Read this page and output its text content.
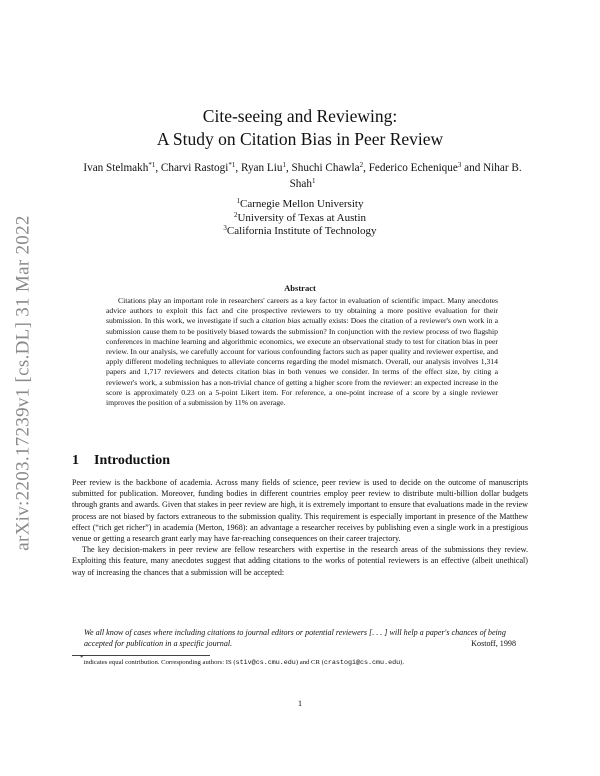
arXiv:2203.17239v1 [cs.DL] 31 Mar 2022
Cite-seeing and Reviewing:
A Study on Citation Bias in Peer Review
Ivan Stelmakh$^{*1}$, Charvi Rastogi$^{*1}$, Ryan Liu$^1$, Shuchi Chawla$^2$, Federico Echenique$^3$ and Nihar B. Shah$^1$
$^1$Carnegie Mellon University
$^2$University of Texas at Austin
$^3$California Institute of Technology
Abstract
Citations play an important role in researchers' careers as a key factor in evaluation of scientific impact. Many anecdotes advice authors to exploit this fact and cite prospective reviewers to try obtaining a more positive evaluation for their submission. In this work, we investigate if such a citation bias actually exists: Does the citation of a reviewer's own work in a submission cause them to be positively biased towards the submission? In conjunction with the review process of two flagship conferences in machine learning and algorithmic economics, we execute an observational study to test for citation bias in peer review. In our analysis, we carefully account for various confounding factors such as paper quality and reviewer expertise, and apply different modeling techniques to alleviate concerns regarding the model mismatch. Overall, our analysis involves 1,314 papers and 1,717 reviewers and detects citation bias in both venues we consider. In terms of the effect size, by citing a reviewer's work, a submission has a non-trivial chance of getting a higher score from the reviewer: an expected increase in the score is approximately 0.23 on a 5-point Likert item. For reference, a one-point increase of a score by a single reviewer improves the position of a submission by 11% on average.
1 Introduction

Peer review is the backbone of academia. Across many fields of science, peer review is used to decide on the outcome of manuscripts submitted for publication. Moreover, funding bodies in different countries employ peer review to distribute multi-billion dollar budgets through grants and awards. Given that stakes in peer review are high, it is extremely important to ensure that evaluations made in the review process are not biased by factors extraneous to the submission quality. This requirement is especially important in presence of the Matthew effect (“rich get richer”) in academia (Merton, 1968): an advantage a researcher receives by publishing even a single work in a prestigious venue or getting a research grant early may have far-reaching consequences on their career trajectory.

The key decision-makers in peer review are fellow researchers with expertise in the research areas of the submissions they review. Exploiting this feature, many anecdotes suggest that adding citations to the works of potential reviewers is an effective (albeit unethical) way of increasing the chances that a submission will be accepted:

We all know of cases where including citations to journal editors or potential reviewers [. . . ] will help a paper's chances of being accepted for publication in a specific journal.	Kostoff, 1998
*indicates equal contribution. Corresponding authors: IS (stiv@cs.cmu.edu) and CR (crastogi@cs.cmu.edu).
1
